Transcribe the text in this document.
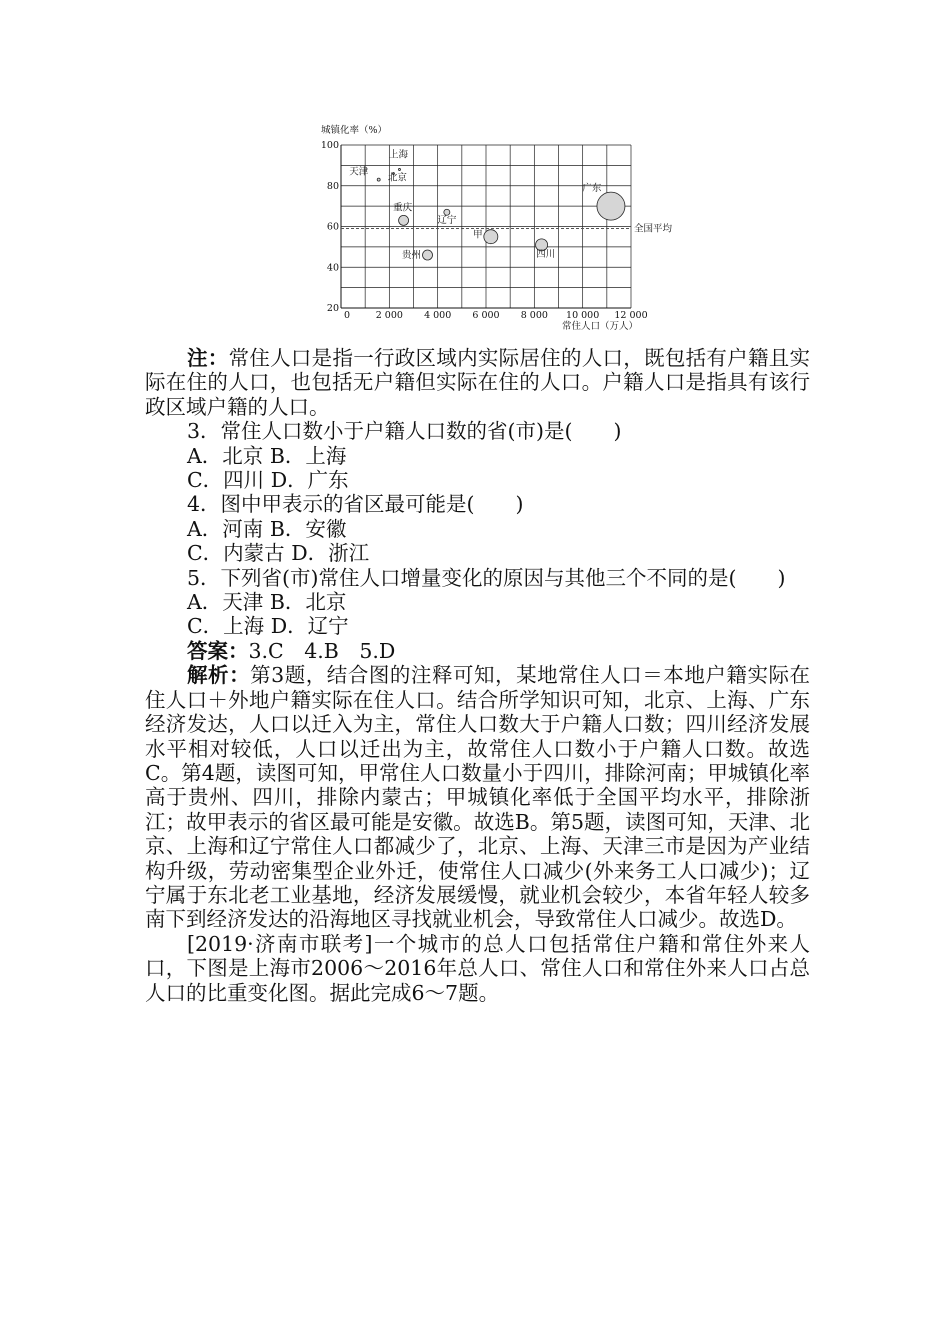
城镇化率（%）
常住人口（万人）
0	2 000 4 000 6 000 8 000 10 000 12 000
20
40
60
80
100
全国平均
天津
上海
北京
重庆
辽宁
广东
甲
四川
贵州

注：常住人口是指一行政区域内实际居住的人口，既包括有户籍且实际在住的人口，也包括无户籍但实际在住的人口。户籍人口是指具有该行政区域户籍的人口。

3．常住人口数小于户籍人口数的省(市)是(　　)

A．北京 B．上海

C．四川 D．广东

4．图中甲表示的省区最可能是(　　)

A．河南 B．安徽

C．内蒙古 D．浙江

5．下列省(市)常住人口增量变化的原因与其他三个不同的是(　　)

A．天津 B．北京

C．上海 D．辽宁

答案：3.C　4.B　5.D

解析：第3题，结合图的注释可知，某地常住人口＝本地户籍实际在住人口＋外地户籍实际在住人口。结合所学知识可知，北京、上海、广东经济发达，人口以迁入为主，常住人口数大于户籍人口数；四川经济发展水平相对较低，人口以迁出为主，故常住人口数小于户籍人口数。故选C。第4题，读图可知，甲常住人口数量小于四川，排除河南；甲城镇化率高于贵州、四川，排除内蒙古；甲城镇化率低于全国平均水平，排除浙江；故甲表示的省区最可能是安徽。故选B。第5题，读图可知，天津、北京、上海和辽宁常住人口都减少了，北京、上海、天津三市是因为产业结构升级，劳动密集型企业外迁，使常住人口减少(外来务工人口减少)；辽宁属于东北老工业基地，经济发展缓慢，就业机会较少，本省年轻人较多南下到经济发达的沿海地区寻找就业机会，导致常住人口减少。故选D。

[2019·济南市联考]一个城市的总人口包括常住户籍和常住外来人口，下图是上海市2006～2016年总人口、常住人口和常住外来人口占总人口的比重变化图。据此完成6～7题。
